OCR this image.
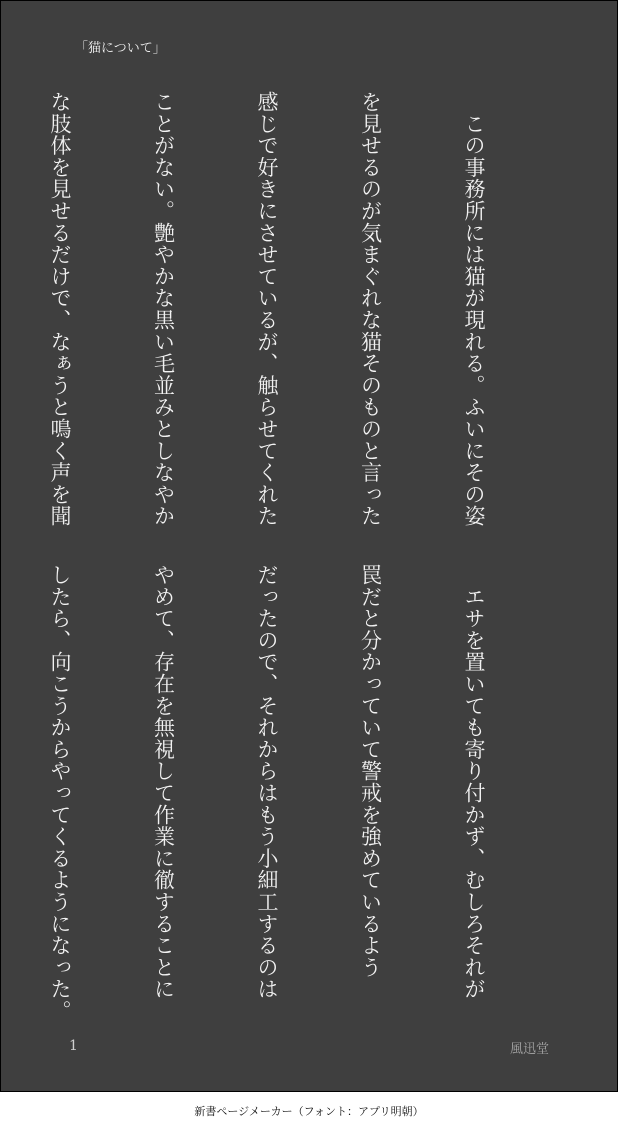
「猫について」

　この事務所には猫が現れる。ふいにその姿

を見せるのが気まぐれな猫そのものと言った

感じで好きにさせているが、触らせてくれた

ことがない。艶やかな黒い毛並みとしなやか

な肢体を見せるだけで、なぁうと鳴く声を聞

　エサを置いても寄り付かず、むしろそれが

罠だと分かっていて警戒を強めているよう

だったので、それからはもう小細工するのは

やめて、存在を無視して作業に徹することに

したら、向こうからやってくるようになった。

1	風迅堂
新書ページメーカー（フォント：アプリ明朝）
